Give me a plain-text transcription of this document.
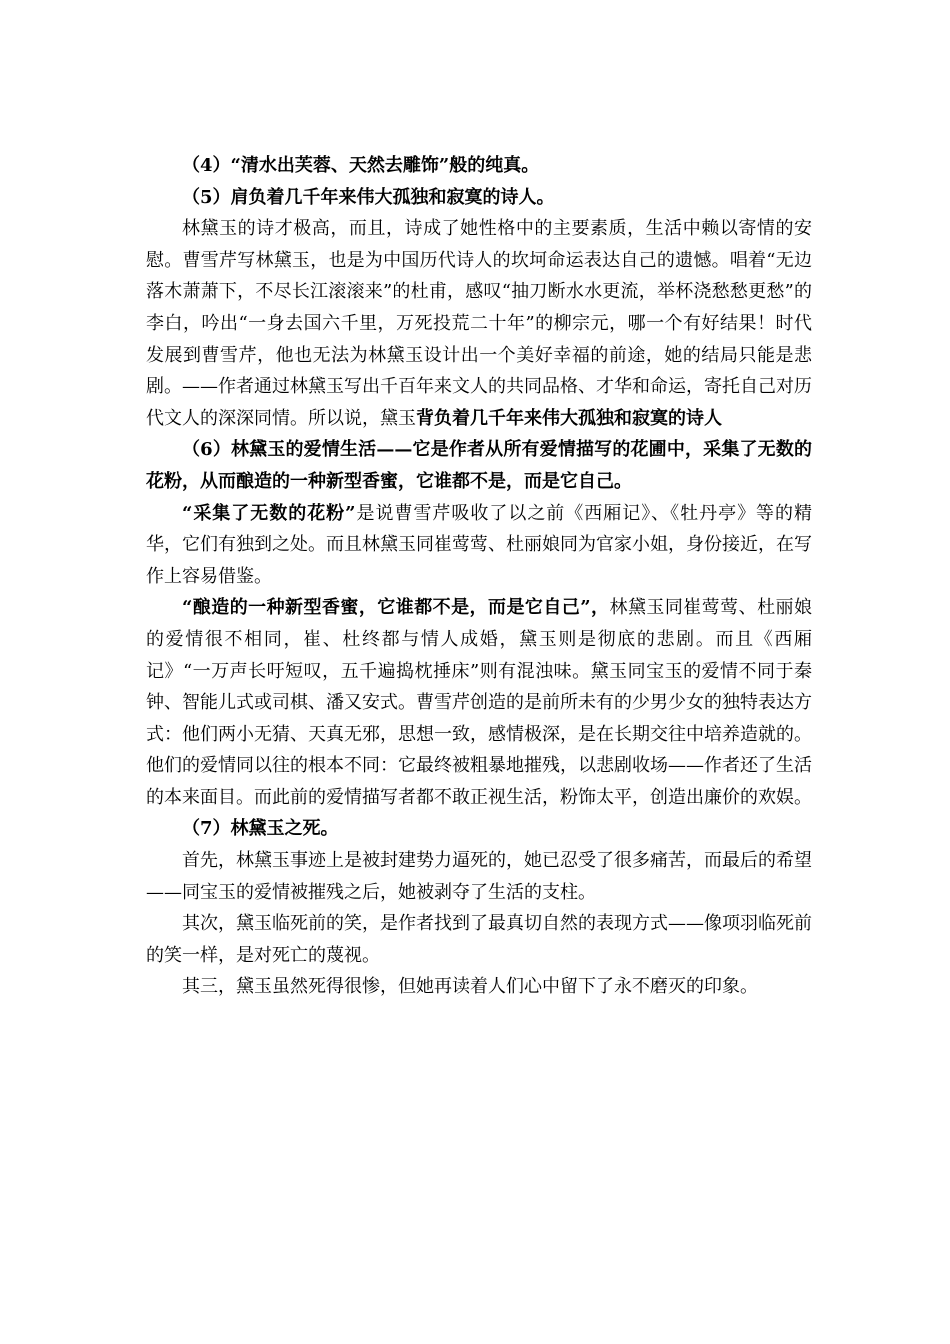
（4）“清水出芙蓉、天然去雕饰”般的纯真。

（5）肩负着几千年来伟大孤独和寂寞的诗人。

林黛玉的诗才极高，而且，诗成了她性格中的主要素质，生活中赖以寄情的安慰。曹雪芹写林黛玉，也是为中国历代诗人的坎坷命运表达自己的遗憾。唱着“无边落木萧萧下，不尽长江滚滚来”的杜甫，感叹“抽刀断水水更流，举杯浇愁愁更愁”的李白，吟出“一身去国六千里，万死投荒二十年”的柳宗元，哪一个有好结果！时代发展到曹雪芹，他也无法为林黛玉设计出一个美好幸福的前途，她的结局只能是悲剧。——作者通过林黛玉写出千百年来文人的共同品格、才华和命运，寄托自己对历代文人的深深同情。所以说，黛玉背负着几千年来伟大孤独和寂寞的诗人

（6）林黛玉的爱情生活——它是作者从所有爱情描写的花圃中，采集了无数的花粉，从而酿造的一种新型香蜜，它谁都不是，而是它自己。

“采集了无数的花粉”是说曹雪芹吸收了以之前《西厢记》、《牡丹亭》等的精华，它们有独到之处。而且林黛玉同崔莺莺、杜丽娘同为官家小姐，身份接近，在写作上容易借鉴。

“酿造的一种新型香蜜，它谁都不是，而是它自己”，林黛玉同崔莺莺、杜丽娘的爱情很不相同，崔、杜终都与情人成婚，黛玉则是彻底的悲剧。而且《西厢记》“一万声长吁短叹，五千遍捣枕捶床”则有混浊味。黛玉同宝玉的爱情不同于秦钟、智能儿式或司棋、潘又安式。曹雪芹创造的是前所未有的少男少女的独特表达方式：他们两小无猜、天真无邪，思想一致，感情极深，是在长期交往中培养造就的。他们的爱情同以往的根本不同：它最终被粗暴地摧残，以悲剧收场——作者还了生活的本来面目。而此前的爱情描写者都不敢正视生活，粉饰太平，创造出廉价的欢娱。

（7）林黛玉之死。

首先，林黛玉事迹上是被封建势力逼死的，她已忍受了很多痛苦，而最后的希望——同宝玉的爱情被摧残之后，她被剥夺了生活的支柱。

其次，黛玉临死前的笑，是作者找到了最真切自然的表现方式——像项羽临死前的笑一样，是对死亡的蔑视。

其三，黛玉虽然死得很惨，但她再读着人们心中留下了永不磨灭的印象。
